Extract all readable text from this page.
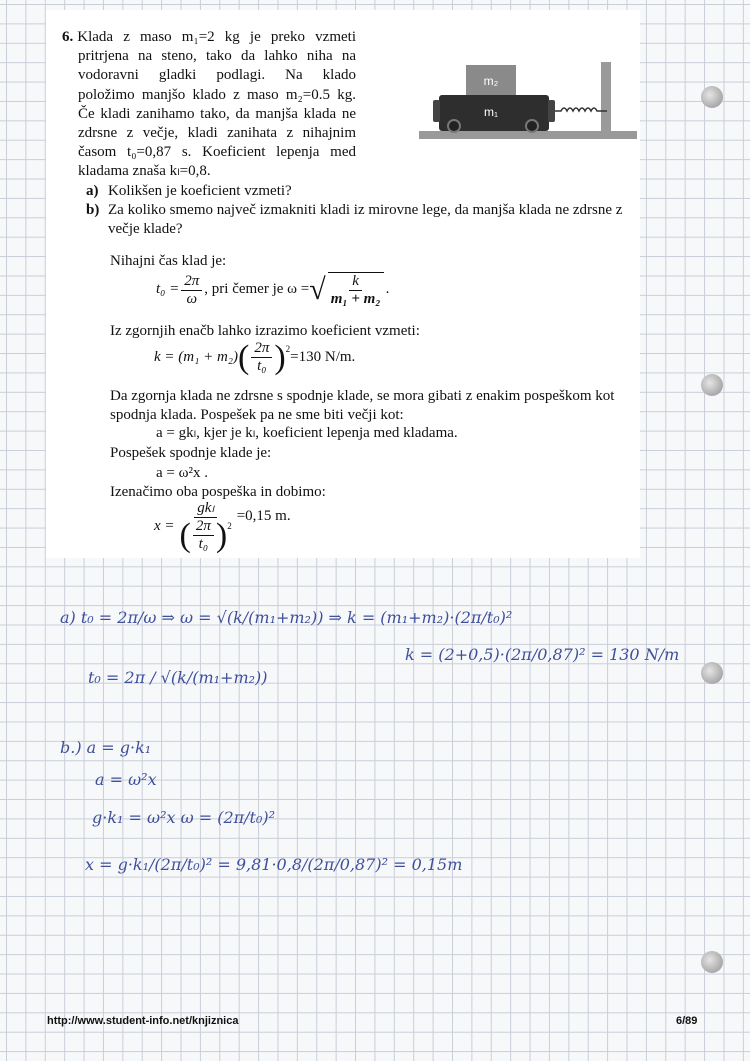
6. Klada z maso m₁=2 kg je preko vzmeti
pritrjena na steno, tako da lahko niha na
vodoravni gladki podlagi. Na klado
položimo manjšo klado z maso m₂=0.5 kg.
Če kladi zanihamo tako, da manjša klada ne
zdrsne z večje, kladi zanihata z nihajnim
časom t₀=0,87 s. Koeficient lepenja med
kladama znaša kₗ=0,8.
m₂
m₁
a) Kolikšen je koeficient vzmeti?
b) Za koliko smemo največ izmakniti kladi iz mirovne lege, da manjša klada ne zdrsne z večje klade?
Nihajni čas klad je:
$t_0 = \frac{2\pi}{\omega}$ , pri čemer je ω = √ $\frac{k}{\text{m₁ + m₂}}$ .
Iz zgornjih enačb lahko izrazimo koeficient vzmeti:
k = (m₁ + m₂) ( $\frac{2\pi}{\text{t₀}} )^2 =130$ N/m.
Da zgornja klada ne zdrsne s spodnje klade, se mora gibati z enakim pospeškom kot spodnja klada. Pospešek pa ne sme biti večji kot:
a = gkₗ, kjer je kₗ, koeficient lepenja med kladama.
Pospešek spodnje klade je:
a = ω²x .
Izenačimo oba pospeška in dobimo:
$x = \frac{\text{gkₗ}}{( \frac{2\pi}{\text{t₀}} )^2} =0,15$ m.
a) t₀ = 2π/ω ⇒ ω = √(k/(m₁+m₂)) ⇒ k = (m₁+m₂)·(2π/t₀)²
t₀ = 2π / √(k/(m₁+m₂))
k = (2+0,5)·(2π/0,87)² = 130 N/m
b.) a = g·k₁
a = ω²x
g·k₁ = ω²x ω = (2π/t₀)²
x = g·k₁/(2π/t₀)² = 9,81·0,8/(2π/0,87)² = 0,15m
http://www.student-info.net/knjiznica	6/89
